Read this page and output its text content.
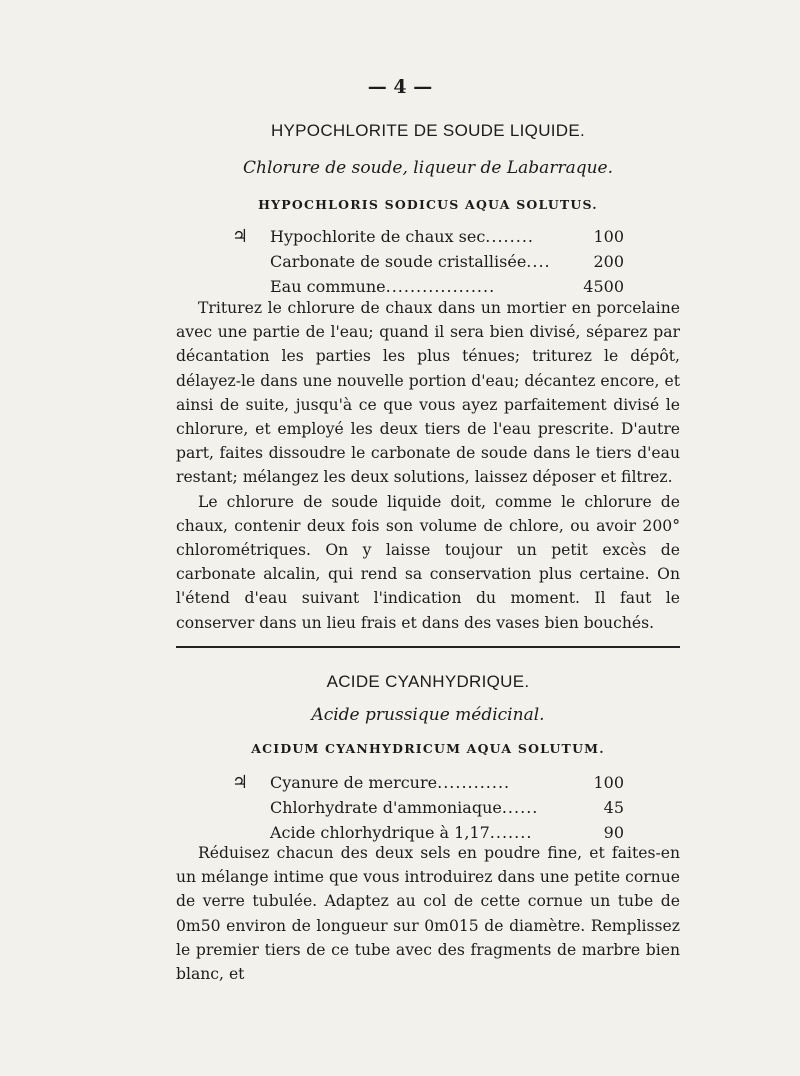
— 4 —
HYPOCHLORITE DE SOUDE LIQUIDE.
Chlorure de soude, liqueur de Labarraque.
HYPOCHLORIS SODICUS AQUA SOLUTUS.
♃	Hypochlorite de chaux sec........	100
Carbonate de soude cristallisée....	200
Eau commune..................	4500

Triturez le chlorure de chaux dans un mortier en porcelaine avec une partie de l'eau; quand il sera bien divisé, séparez par décantation les parties les plus ténues; triturez le dépôt, délayez-le dans une nouvelle portion d'eau; décantez encore, et ainsi de suite, jusqu'à ce que vous ayez parfaitement divisé le chlorure, et employé les deux tiers de l'eau prescrite. D'autre part, faites dissoudre le carbonate de soude dans le tiers d'eau restant; mélangez les deux solutions, laissez déposer et filtrez.

Le chlorure de soude liquide doit, comme le chlorure de chaux, contenir deux fois son volume de chlore, ou avoir 200° chlorométriques. On y laisse toujour un petit excès de carbonate alcalin, qui rend sa conservation plus certaine. On l'étend d'eau suivant l'indication du moment. Il faut le conserver dans un lieu frais et dans des vases bien bouchés.

ACIDE CYANHYDRIQUE.
Acide prussique médicinal.
ACIDUM CYANHYDRICUM AQUA SOLUTUM.
♃	Cyanure de mercure............	100
Chlorhydrate d'ammoniaque......	45
Acide chlorhydrique à 1,17.......	90

Réduisez chacun des deux sels en poudre fine, et faites-en un mélange intime que vous introduirez dans une petite cornue de verre tubulée. Adaptez au col de cette cornue un tube de 0m50 environ de longueur sur 0m015 de diamètre. Remplissez le premier tiers de ce tube avec des fragments de marbre bien blanc, et
